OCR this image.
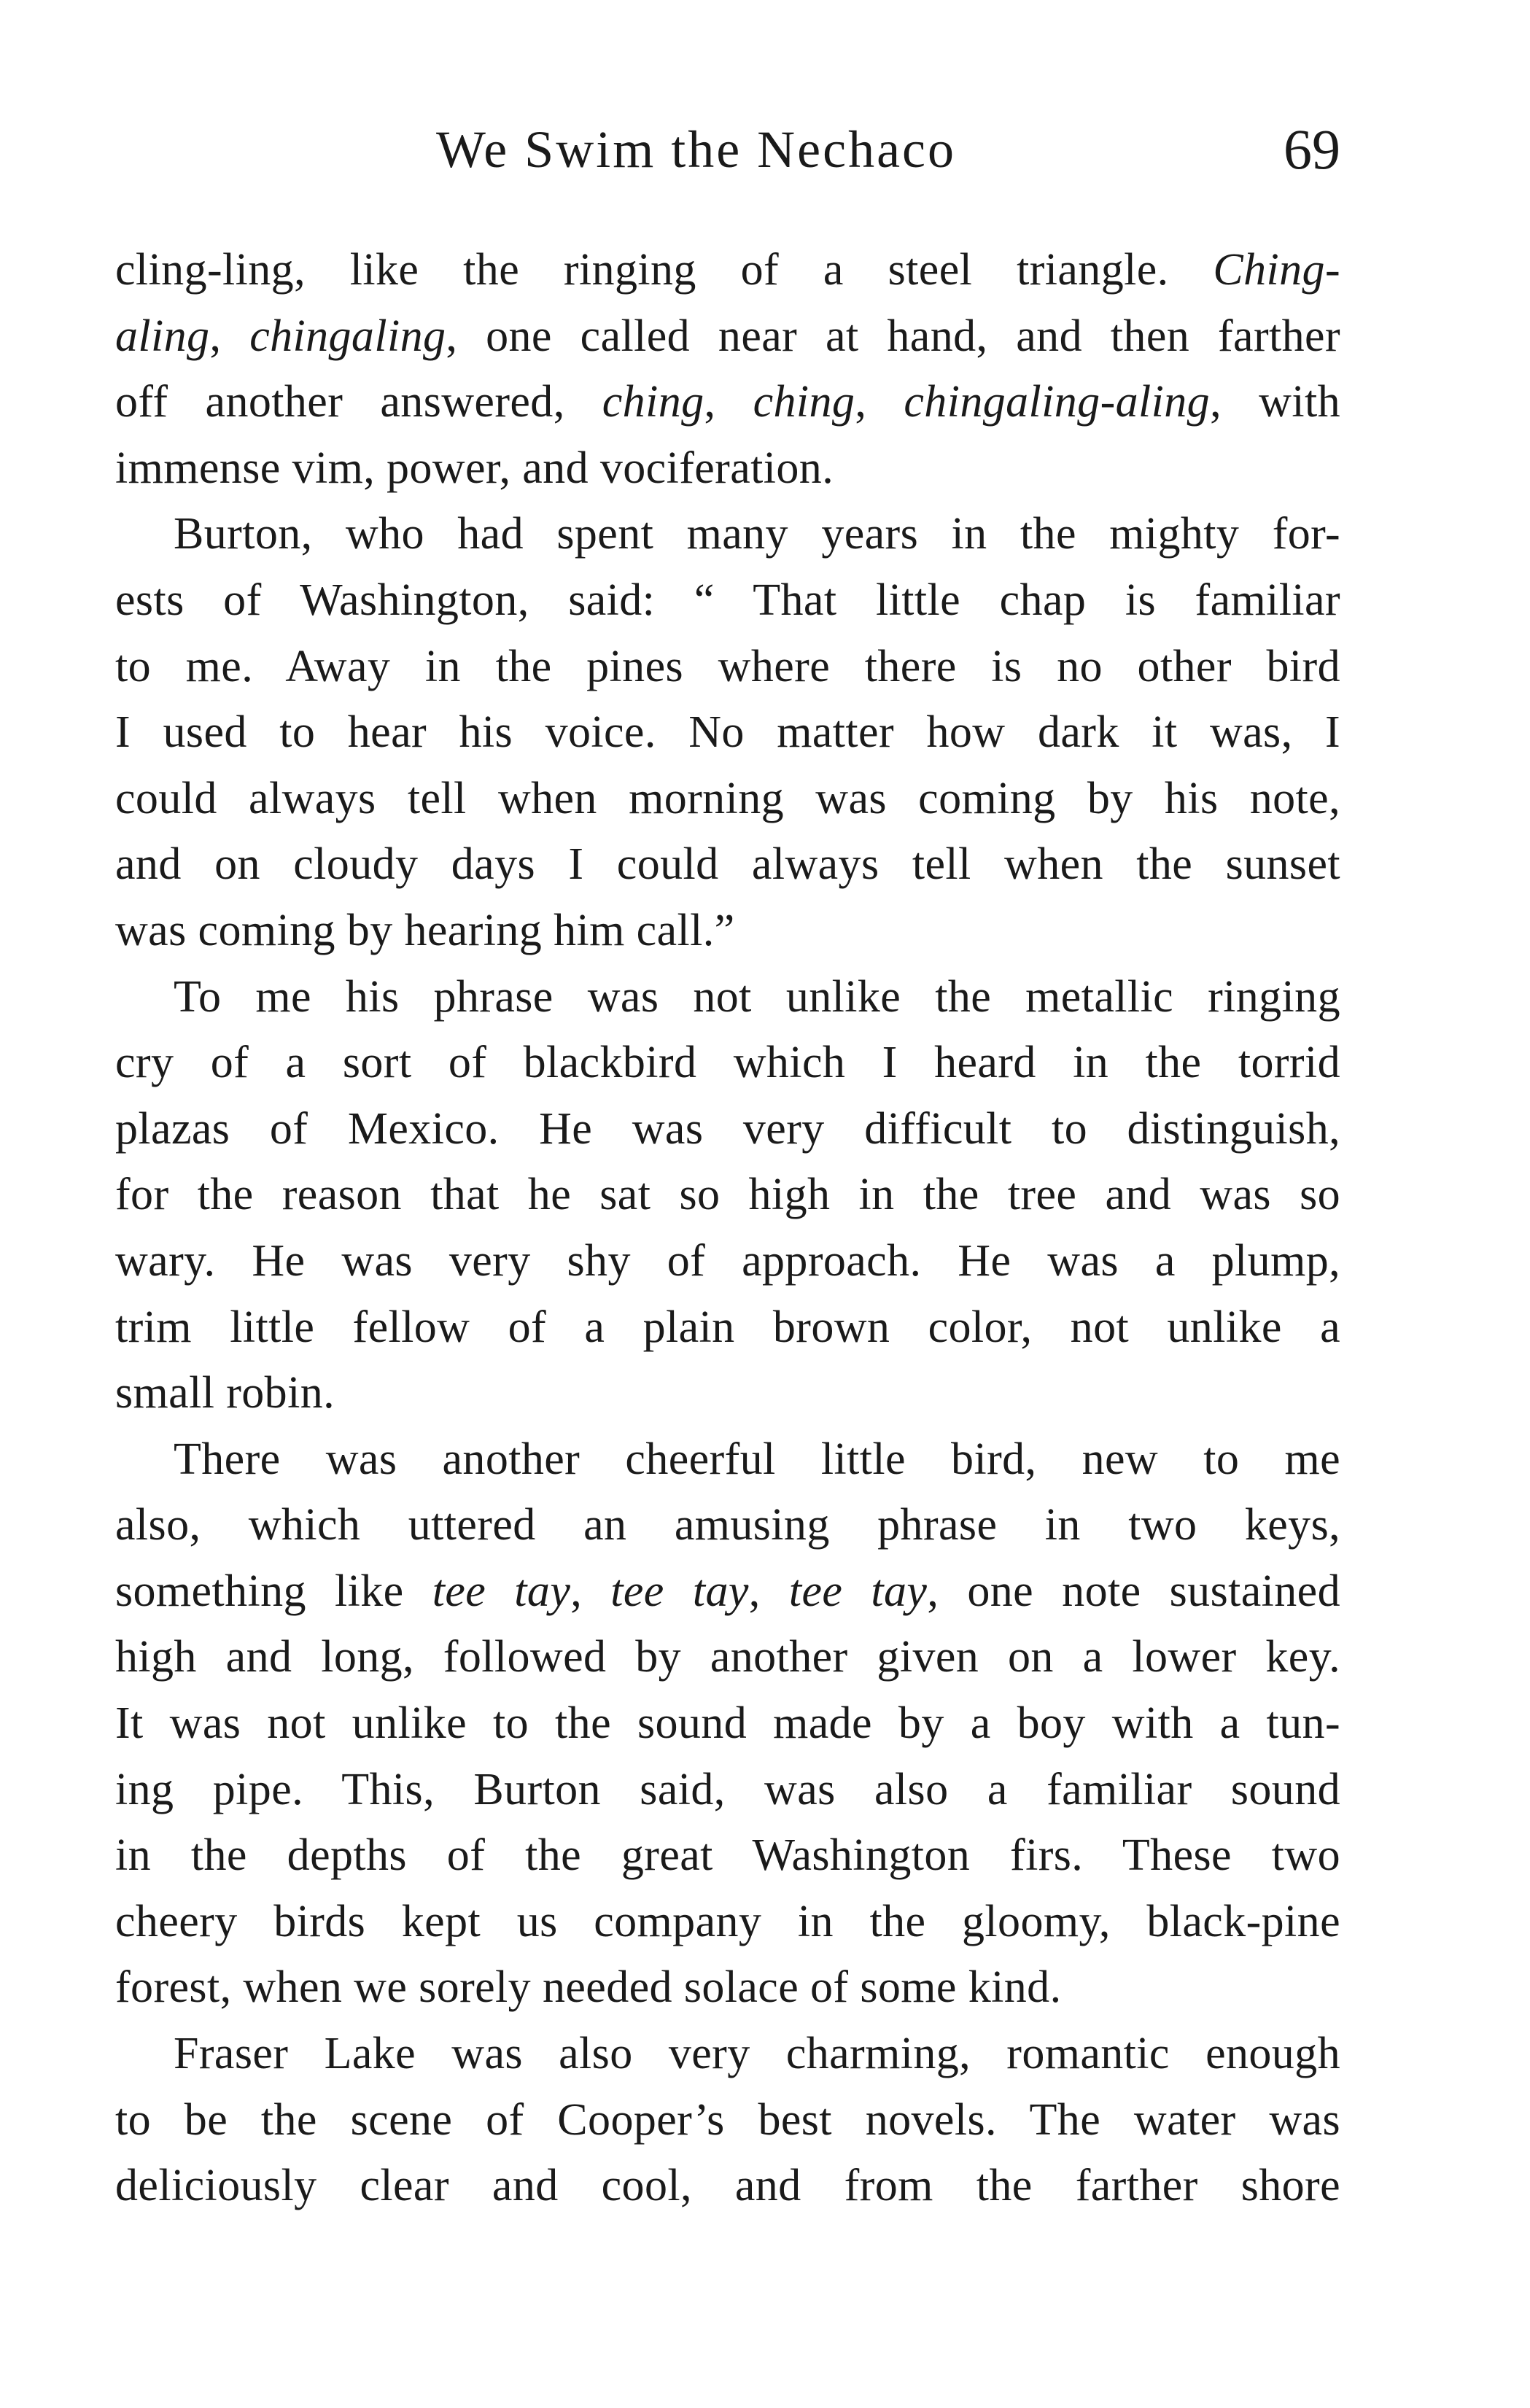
We Swim the Nechaco	69
cling-ling, like the ringing of a steel triangle. Ching-
aling, chingaling, one called near at hand, and then farther
off another answered, ching, ching, chingaling-aling, with
immense vim, power, and vociferation.
Burton, who had spent many years in the mighty for-
ests of Washington, said: “ That little chap is familiar
to me. Away in the pines where there is no other bird
I used to hear his voice. No matter how dark it was, I
could always tell when morning was coming by his note,
and on cloudy days I could always tell when the sunset
was coming by hearing him call.”
To me his phrase was not unlike the metallic ringing
cry of a sort of blackbird which I heard in the torrid
plazas of Mexico. He was very difficult to distinguish,
for the reason that he sat so high in the tree and was so
wary. He was very shy of approach. He was a plump,
trim little fellow of a plain brown color, not unlike a
small robin.
There was another cheerful little bird, new to me
also, which uttered an amusing phrase in two keys,
something like tee tay, tee tay, tee tay, one note sustained
high and long, followed by another given on a lower key.
It was not unlike to the sound made by a boy with a tun-
ing pipe. This, Burton said, was also a familiar sound
in the depths of the great Washington firs. These two
cheery birds kept us company in the gloomy, black-pine
forest, when we sorely needed solace of some kind.
Fraser Lake was also very charming, romantic enough
to be the scene of Cooper’s best novels. The water was
deliciously clear and cool, and from the farther shore
